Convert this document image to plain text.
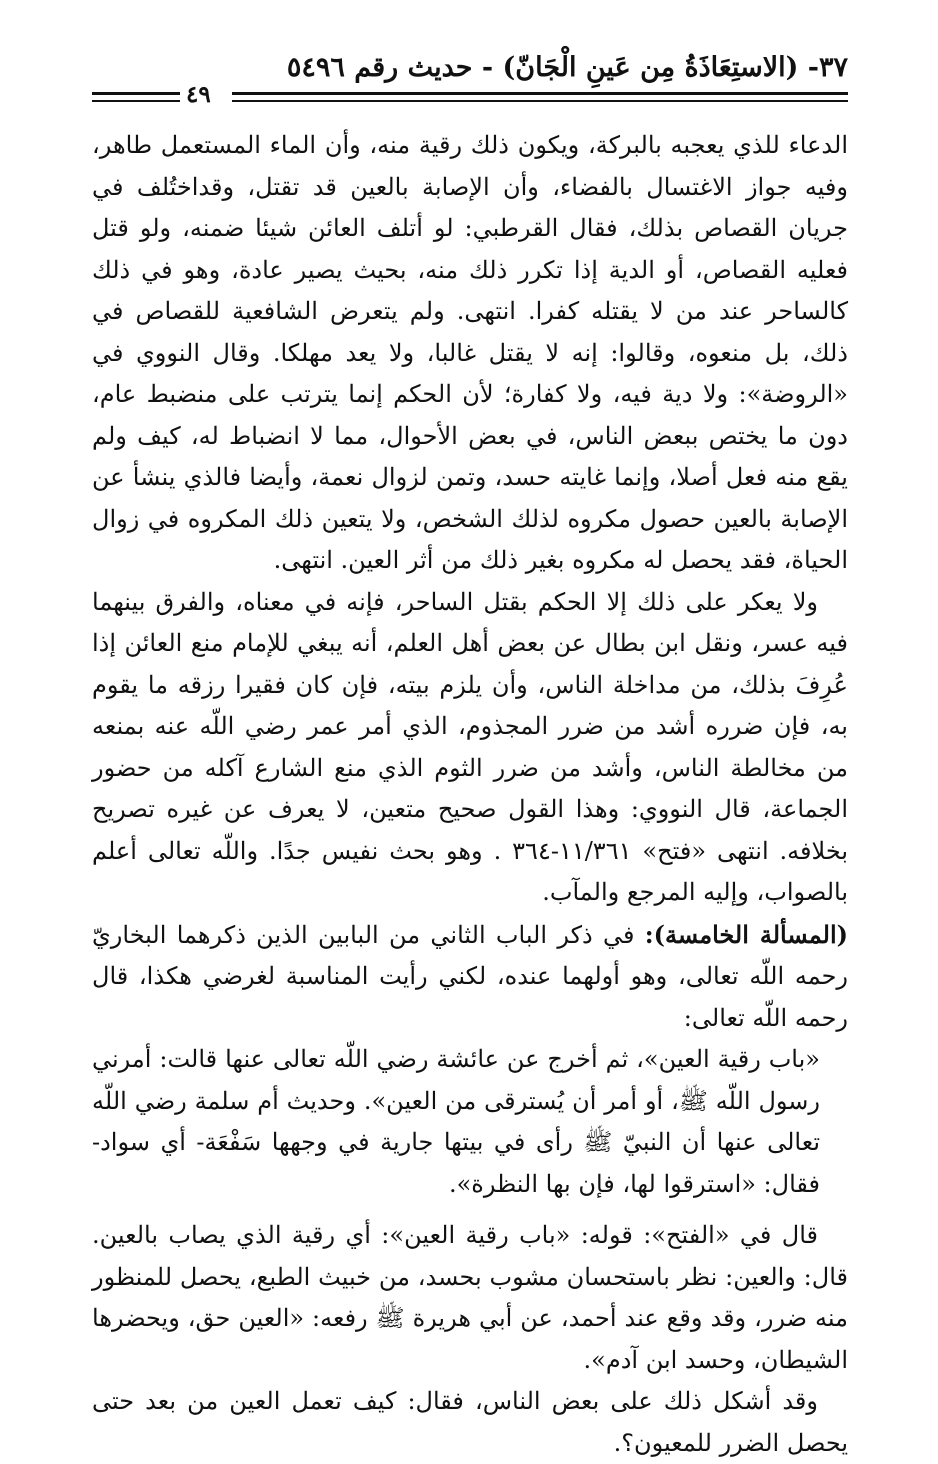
٣٧- (الاستِعَاذَةُ مِن عَينِ الْجَانّ) - حديث رقم ٥٤٩٦
٤٩

الدعاء للذي يعجبه بالبركة، ويكون ذلك رقية منه، وأن الماء المستعمل طاهر، وفيه جواز الاغتسال بالفضاء، وأن الإصابة بالعين قد تقتل، وقداختُلف في جريان القصاص بذلك، فقال القرطبي: لو أتلف العائن شيئا ضمنه، ولو قتل فعليه القصاص، أو الدية إذا تكرر ذلك منه، بحيث يصير عادة، وهو في ذلك كالساحر عند من لا يقتله كفرا. انتهى. ولم يتعرض الشافعية للقصاص في ذلك، بل منعوه، وقالوا: إنه لا يقتل غالبا، ولا يعد مهلكا. وقال النووي في «الروضة»: ولا دية فيه، ولا كفارة؛ لأن الحكم إنما يترتب على منضبط عام، دون ما يختص ببعض الناس، في بعض الأحوال، مما لا انضباط له، كيف ولم يقع منه فعل أصلا، وإنما غايته حسد، وتمن لزوال نعمة، وأيضا فالذي ينشأ عن الإصابة بالعين حصول مكروه لذلك الشخص، ولا يتعين ذلك المكروه في زوال الحياة، فقد يحصل له مكروه بغير ذلك من أثر العين. انتهى.

ولا يعكر على ذلك إلا الحكم بقتل الساحر، فإنه في معناه، والفرق بينهما فيه عسر، ونقل ابن بطال عن بعض أهل العلم، أنه يبغي للإمام منع العائن إذا عُرِفَ بذلك، من مداخلة الناس، وأن يلزم بيته، فإن كان فقيرا رزقه ما يقوم به، فإن ضرره أشد من ضرر المجذوم، الذي أمر عمر رضي اللّه عنه بمنعه من مخالطة الناس، وأشد من ضرر الثوم الذي منع الشارع آكله من حضور الجماعة، قال النووي: وهذا القول صحيح متعين، لا يعرف عن غيره تصريح بخلافه. انتهى «فتح» ١١/٣٦١-٣٦٤ . وهو بحث نفيس جدًا. واللّه تعالى أعلم بالصواب، وإليه المرجع والمآب.

(المسألة الخامسة): في ذكر الباب الثاني من البابين الذين ذكرهما البخاريّ رحمه اللّه تعالى، وهو أولهما عنده، لكني رأيت المناسبة لغرضي هكذا، قال رحمه اللّه تعالى:

«باب رقية العين»، ثم أخرج عن عائشة رضي اللّه تعالى عنها قالت: أمرني رسول اللّه ﷺ، أو أمر أن يُسترقى من العين». وحديث أم سلمة رضي اللّه تعالى عنها أن النبيّ ﷺ رأى في بيتها جارية في وجهها سَفْعَة- أي سواد- فقال: «استرقوا لها، فإن بها النظرة».

قال في «الفتح»: قوله: «باب رقية العين»: أي رقية الذي يصاب بالعين. قال: والعين: نظر باستحسان مشوب بحسد، من خبيث الطبع، يحصل للمنظور منه ضرر، وقد وقع عند أحمد، عن أبي هريرة ﷺ رفعه: «العين حق، ويحضرها الشيطان، وحسد ابن آدم».

وقد أشكل ذلك على بعض الناس، فقال: كيف تعمل العين من بعد حتى يحصل الضرر للمعيون؟.
